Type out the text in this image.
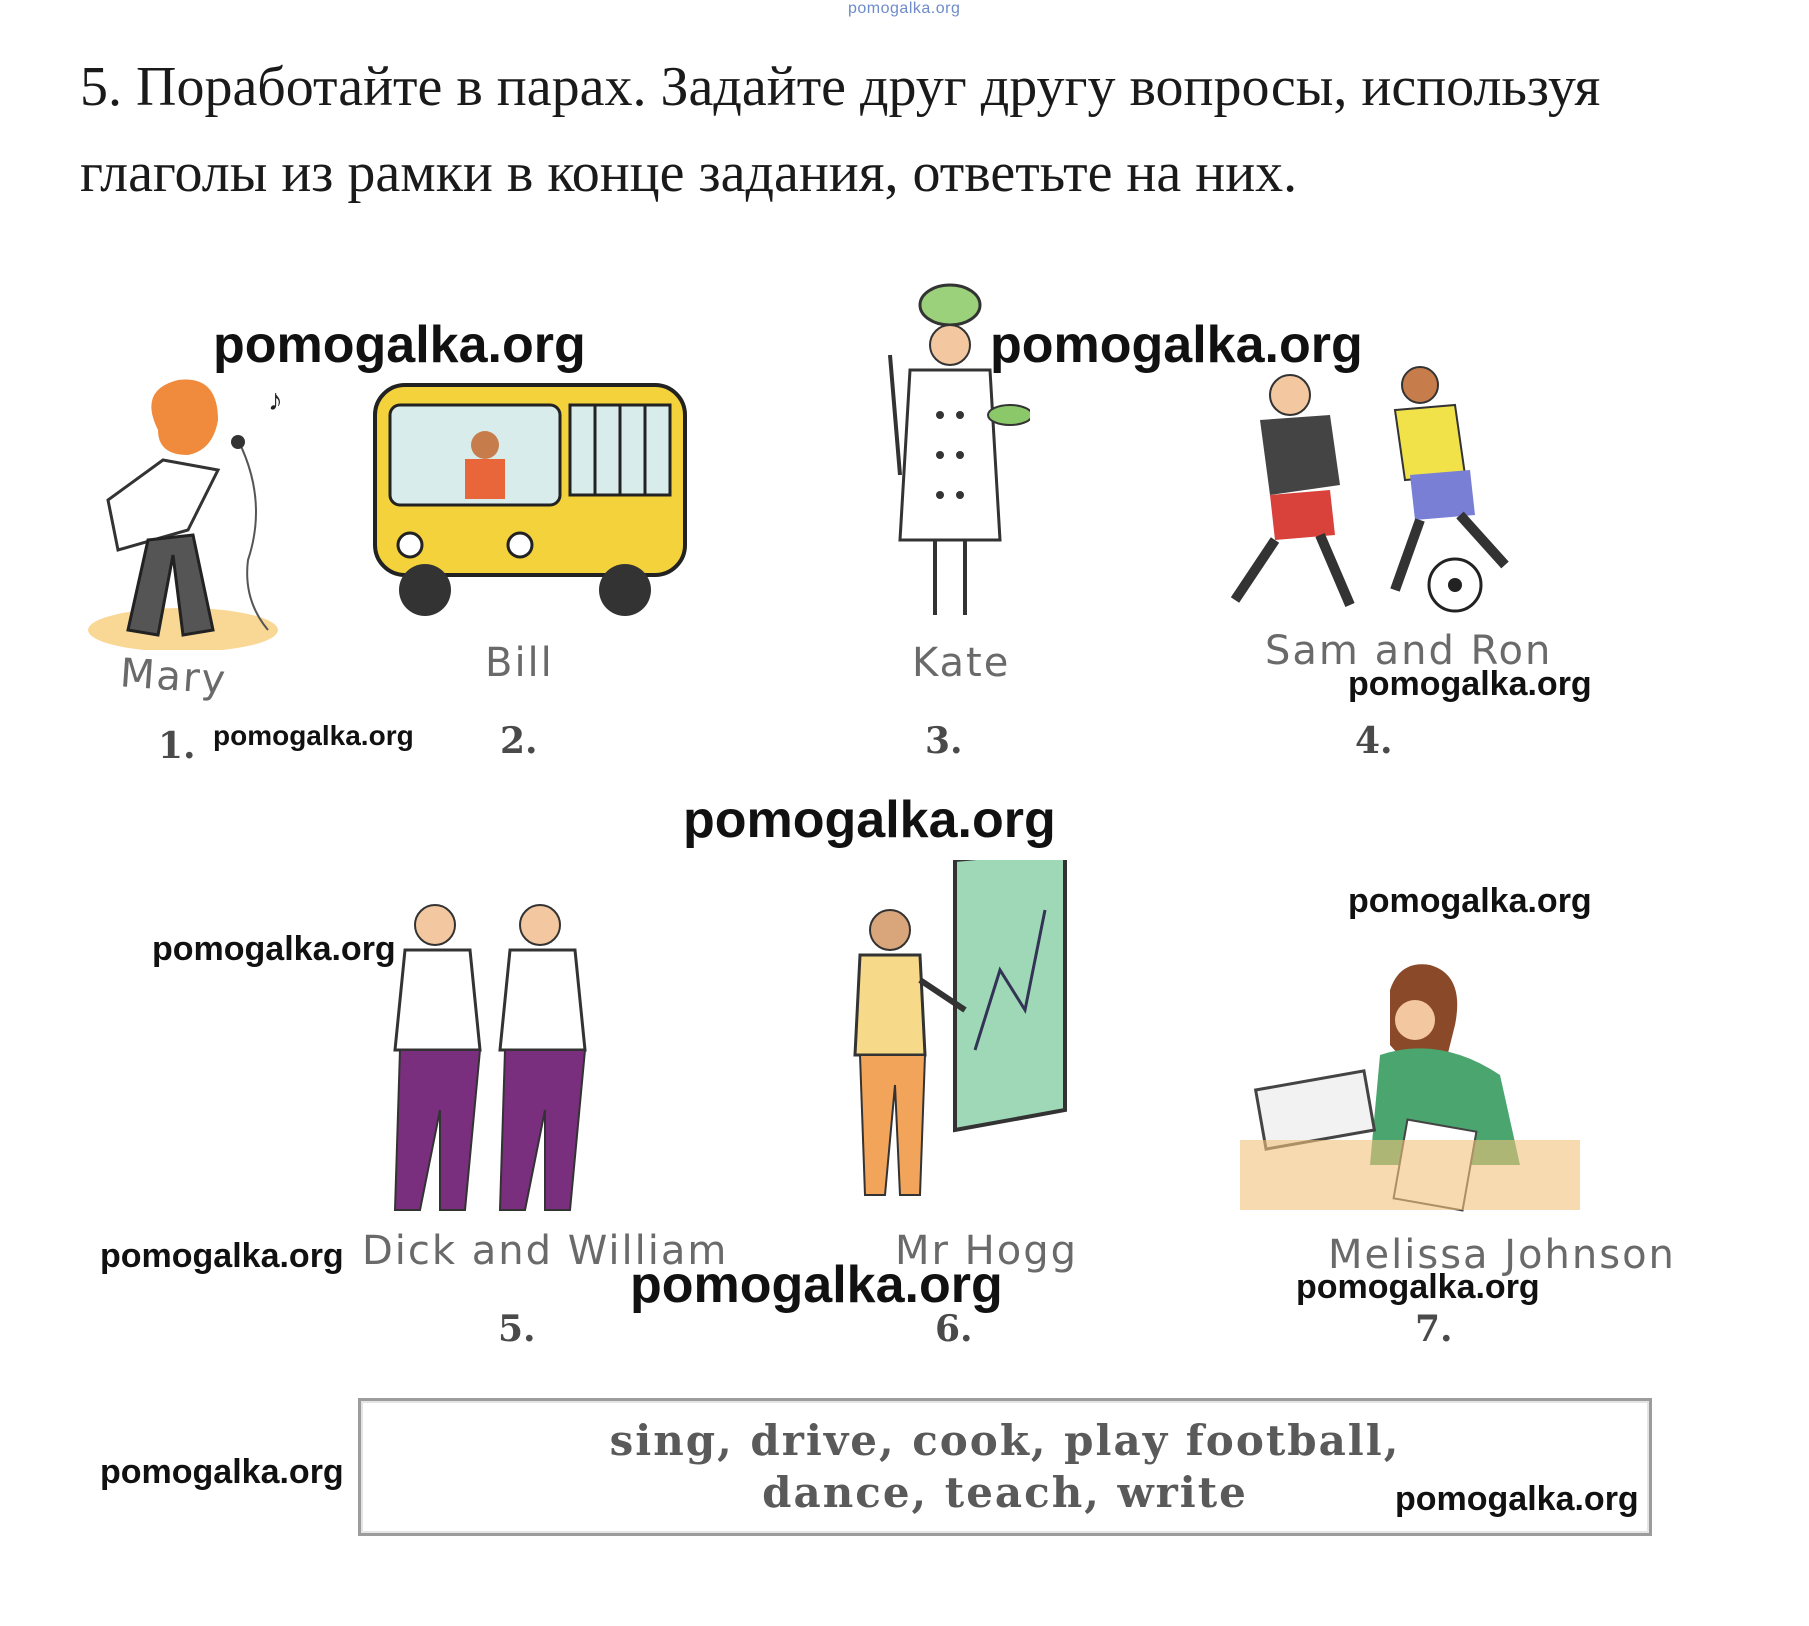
pomogalka.org
5. Поработайте в парах. Задайте друг другу вопросы, используя
глаголы из рамки в конце задания, ответьте на них.
♪
Mary
1.
Bill
2.
Kate
3.
Sam and Ron
4.
Dick and William
5.
Mr Hogg
6.
Melissa Johnson
7.
pomogalka.org	pomogalka.org
pomogalka.org
pomogalka.org
pomogalka.org
pomogalka.org
pomogalka.org
pomogalka.org	pomogalka.org	pomogalka.org
pomogalka.org
pomogalka.org
sing, drive, cook, play football,
dance, teach, write
